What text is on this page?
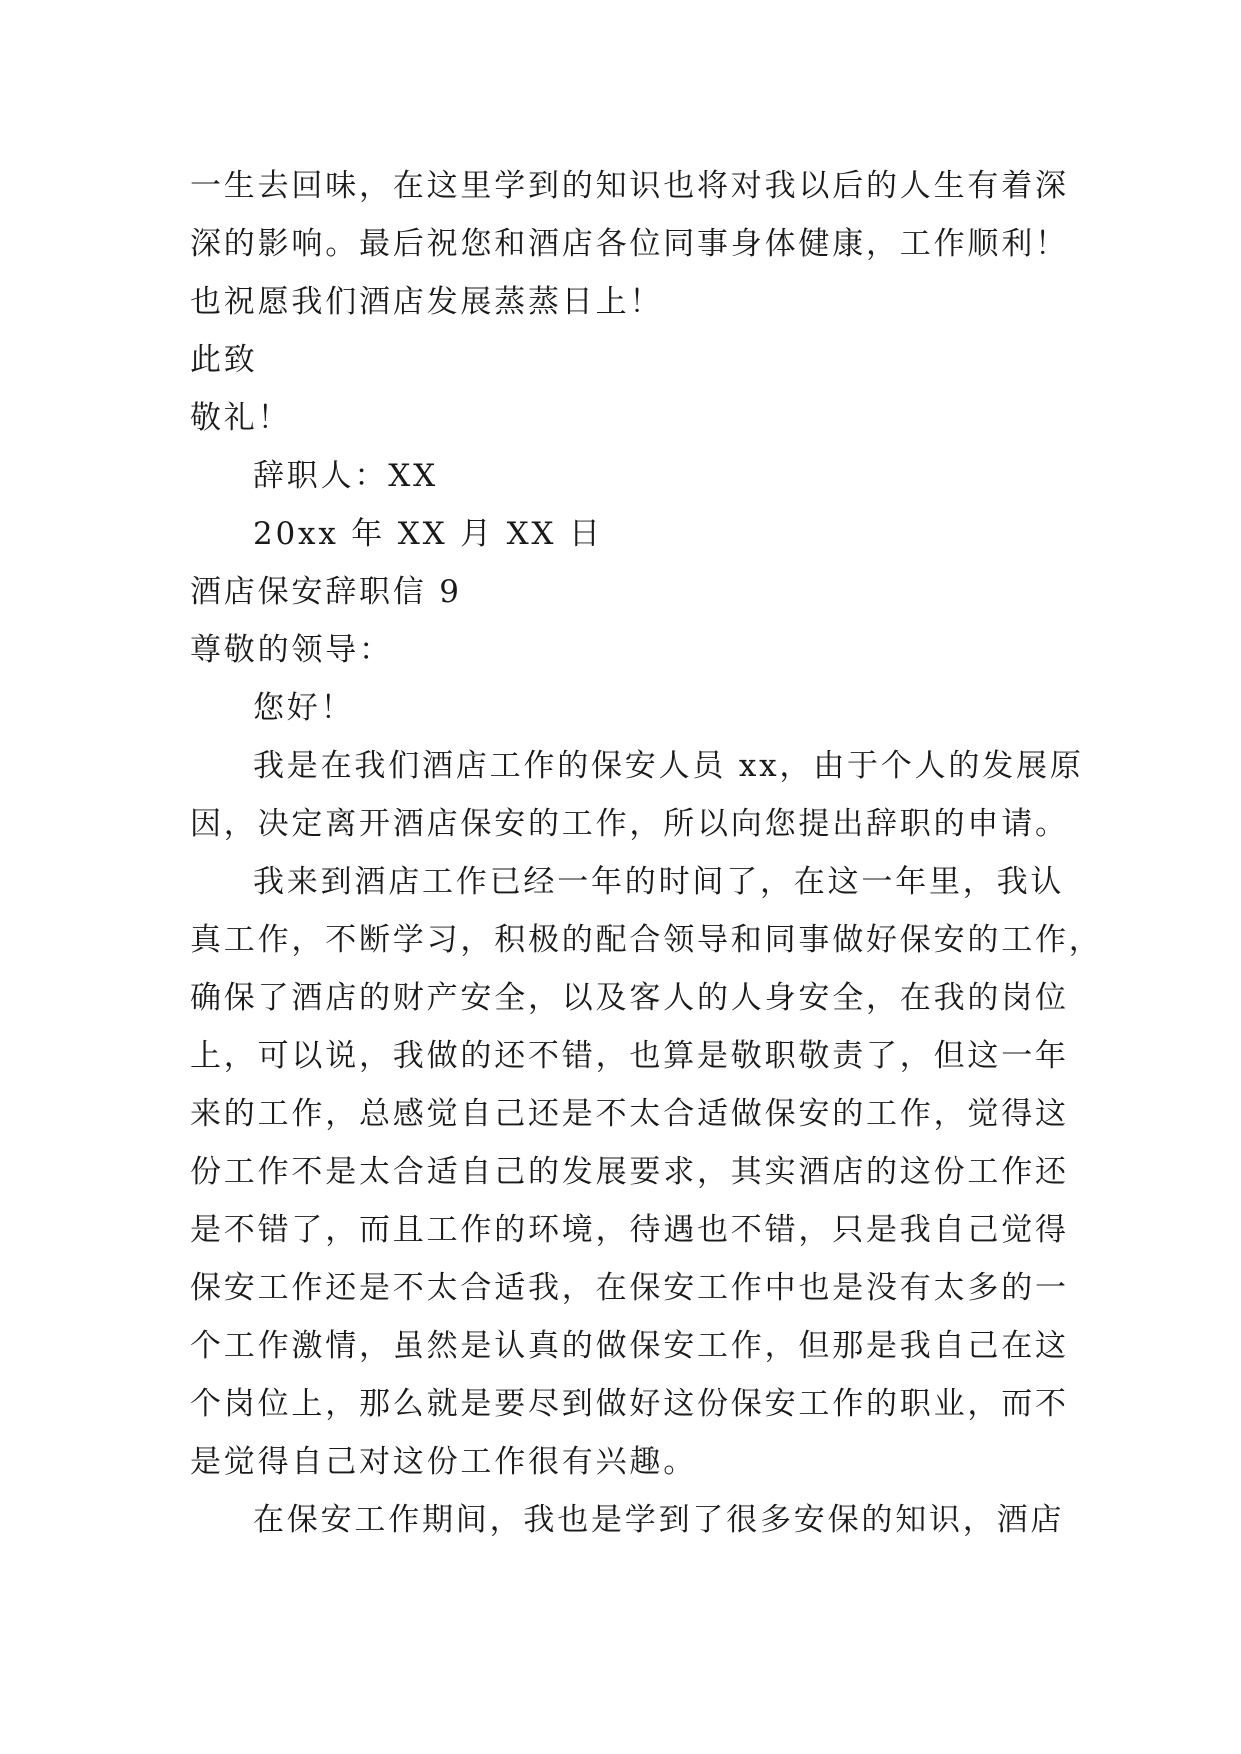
一生去回味，在这里学到的知识也将对我以后的人生有着深
深的影响。最后祝您和酒店各位同事身体健康，工作顺利！
也祝愿我们酒店发展蒸蒸日上！
此致
敬礼！
辞职人：XX
20xx 年 XX 月 XX 日
酒店保安辞职信 9
尊敬的领导：
您好！
我是在我们酒店工作的保安人员 xx，由于个人的发展原
因，决定离开酒店保安的工作，所以向您提出辞职的申请。
我来到酒店工作已经一年的时间了，在这一年里，我认
真工作，不断学习，积极的配合领导和同事做好保安的工作，
确保了酒店的财产安全，以及客人的人身安全，在我的岗位
上，可以说，我做的还不错，也算是敬职敬责了，但这一年
来的工作，总感觉自己还是不太合适做保安的工作，觉得这
份工作不是太合适自己的发展要求，其实酒店的这份工作还
是不错了，而且工作的环境，待遇也不错，只是我自己觉得
保安工作还是不太合适我，在保安工作中也是没有太多的一
个工作激情，虽然是认真的做保安工作，但那是我自己在这
个岗位上，那么就是要尽到做好这份保安工作的职业，而不
是觉得自己对这份工作很有兴趣。
在保安工作期间，我也是学到了很多安保的知识，酒店
